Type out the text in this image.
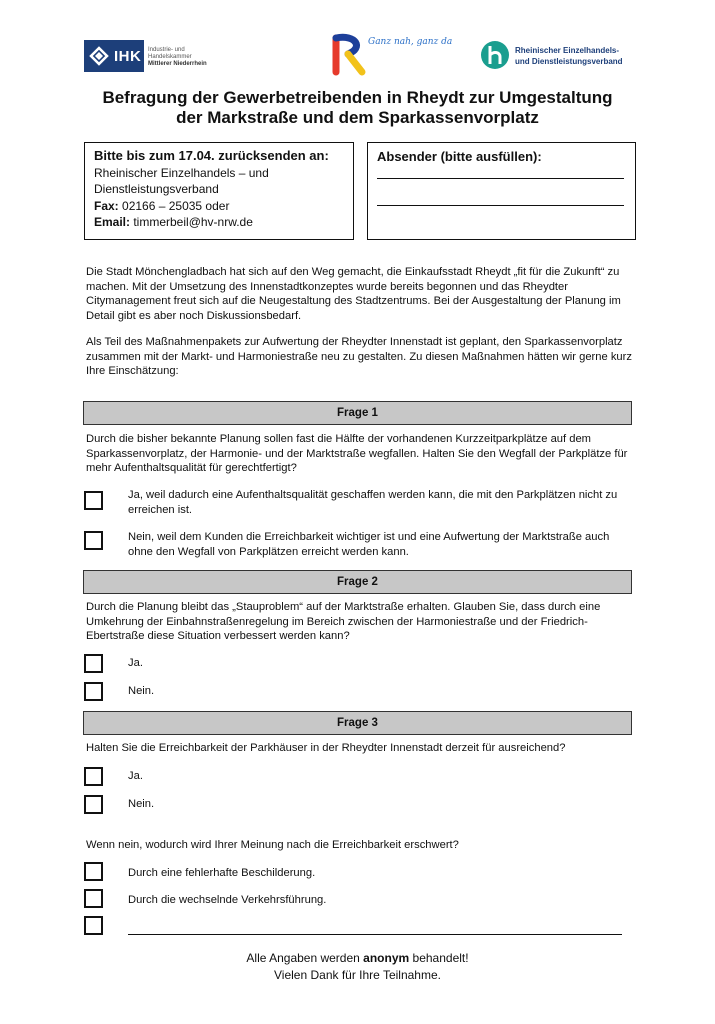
IHK Industrie- und Handelskammer
Mittlerer Niederrhein
Ganz nah, ganz da
Rheinischer Einzelhandels-
und Dienstleistungsverband
Befragung der Gewerbetreibenden in Rheydt zur Umgestaltung
der Markstraße und dem Sparkassenvorplatz
Bitte bis zum 17.04. zurücksenden an:
Rheinischer Einzelhandels – und
Dienstleistungsverband
Fax: 02166 – 25035 oder
Email: timmerbeil@hv-nrw.de
Absender (bitte ausfüllen):
Die Stadt Mönchengladbach hat sich auf den Weg gemacht, die Einkaufsstadt Rheydt „fit für die Zukunft“ zu machen. Mit der Umsetzung des Innenstadtkonzeptes wurde bereits begonnen und das Rheydter Citymanagement freut sich auf die Neugestaltung des Stadtzentrums. Bei der Ausgestaltung der Planung im Detail gibt es aber noch Diskussionsbedarf.
Als Teil des Maßnahmenpakets zur Aufwertung der Rheydter Innenstadt ist geplant, den Sparkassenvorplatz zusammen mit der Markt- und Harmoniestraße neu zu gestalten. Zu diesen Maßnahmen hätten wir gerne kurz Ihre Einschätzung:
Frage 1
Durch die bisher bekannte Planung sollen fast die Hälfte der vorhandenen Kurzzeitparkplätze auf dem Sparkassenvorplatz, der Harmonie- und der Marktstraße wegfallen. Halten Sie den Wegfall der Parkplätze für mehr Aufenthaltsqualität für gerechtfertigt?
Ja, weil dadurch eine Aufenthaltsqualität geschaffen werden kann, die mit den Parkplätzen nicht zu erreichen ist.
Nein, weil dem Kunden die Erreichbarkeit wichtiger ist und eine Aufwertung der Marktstraße auch ohne den Wegfall von Parkplätzen erreicht werden kann.
Frage 2
Durch die Planung bleibt das „Stauproblem“ auf der Marktstraße erhalten. Glauben Sie, dass durch eine Umkehrung der Einbahnstraßenregelung im Bereich zwischen der Harmoniestraße und der Friedrich-Ebertstraße diese Situation verbessert werden kann?
Ja.
Nein.
Frage 3
Halten Sie die Erreichbarkeit der Parkhäuser in der Rheydter Innenstadt derzeit für ausreichend?
Ja.
Nein.
Wenn nein, wodurch wird Ihrer Meinung nach die Erreichbarkeit erschwert?
Durch eine fehlerhafte Beschilderung.
Durch die wechselnde Verkehrsführung.
Alle Angaben werden anonym behandelt!
Vielen Dank für Ihre Teilnahme.
